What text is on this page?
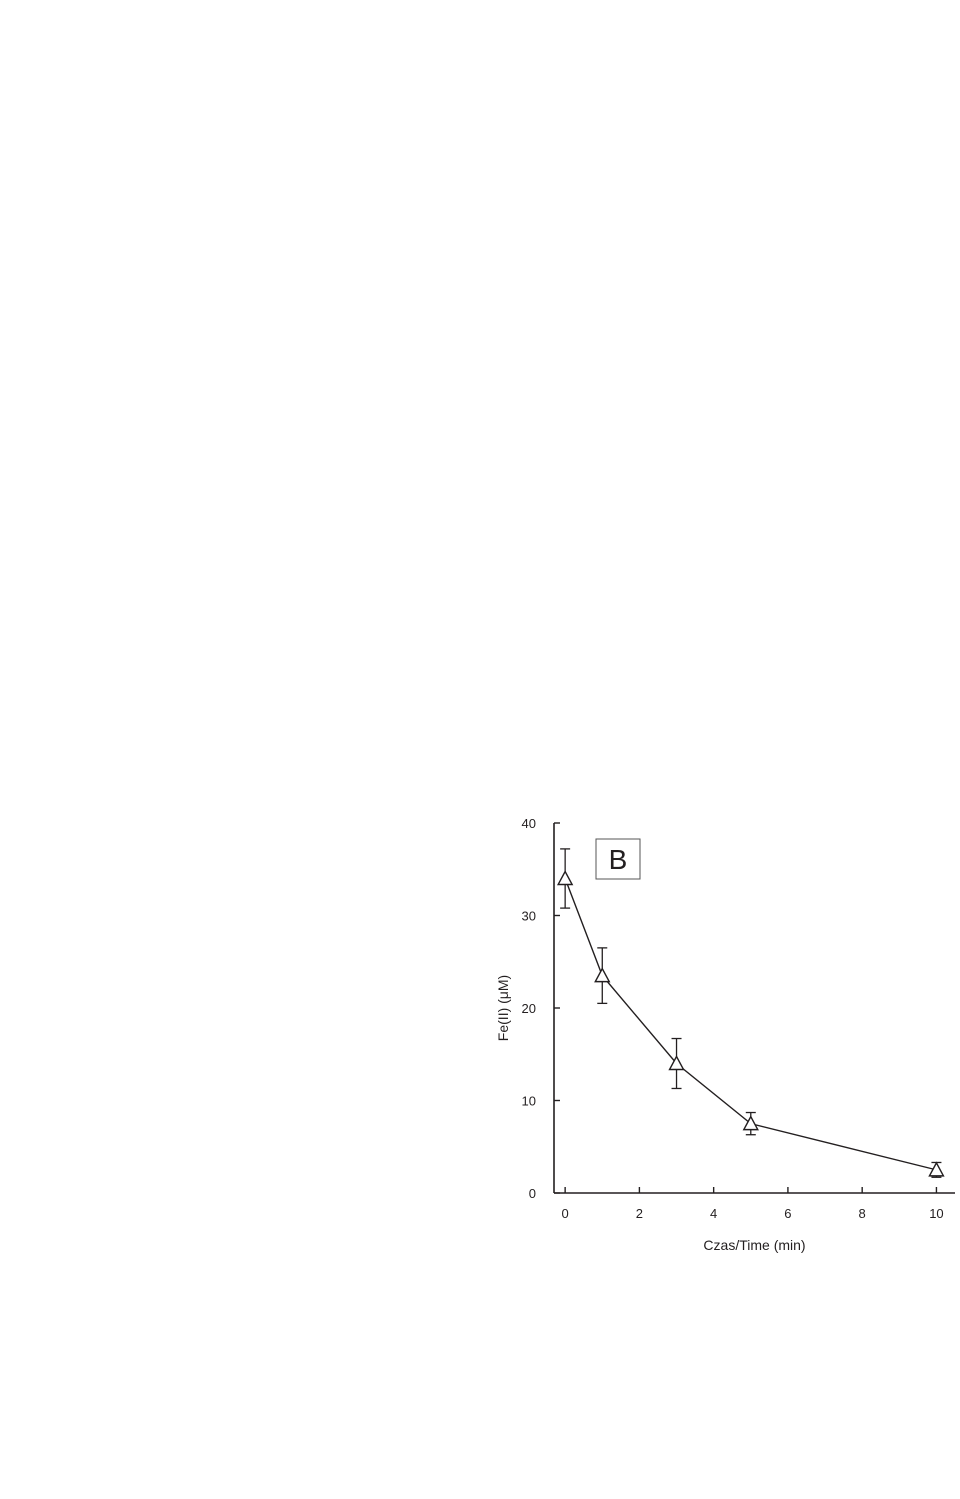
0
10
20
30
40
0	2	4	6	8	10
Czas/Time (min)
Fe(II) (μM)
B
